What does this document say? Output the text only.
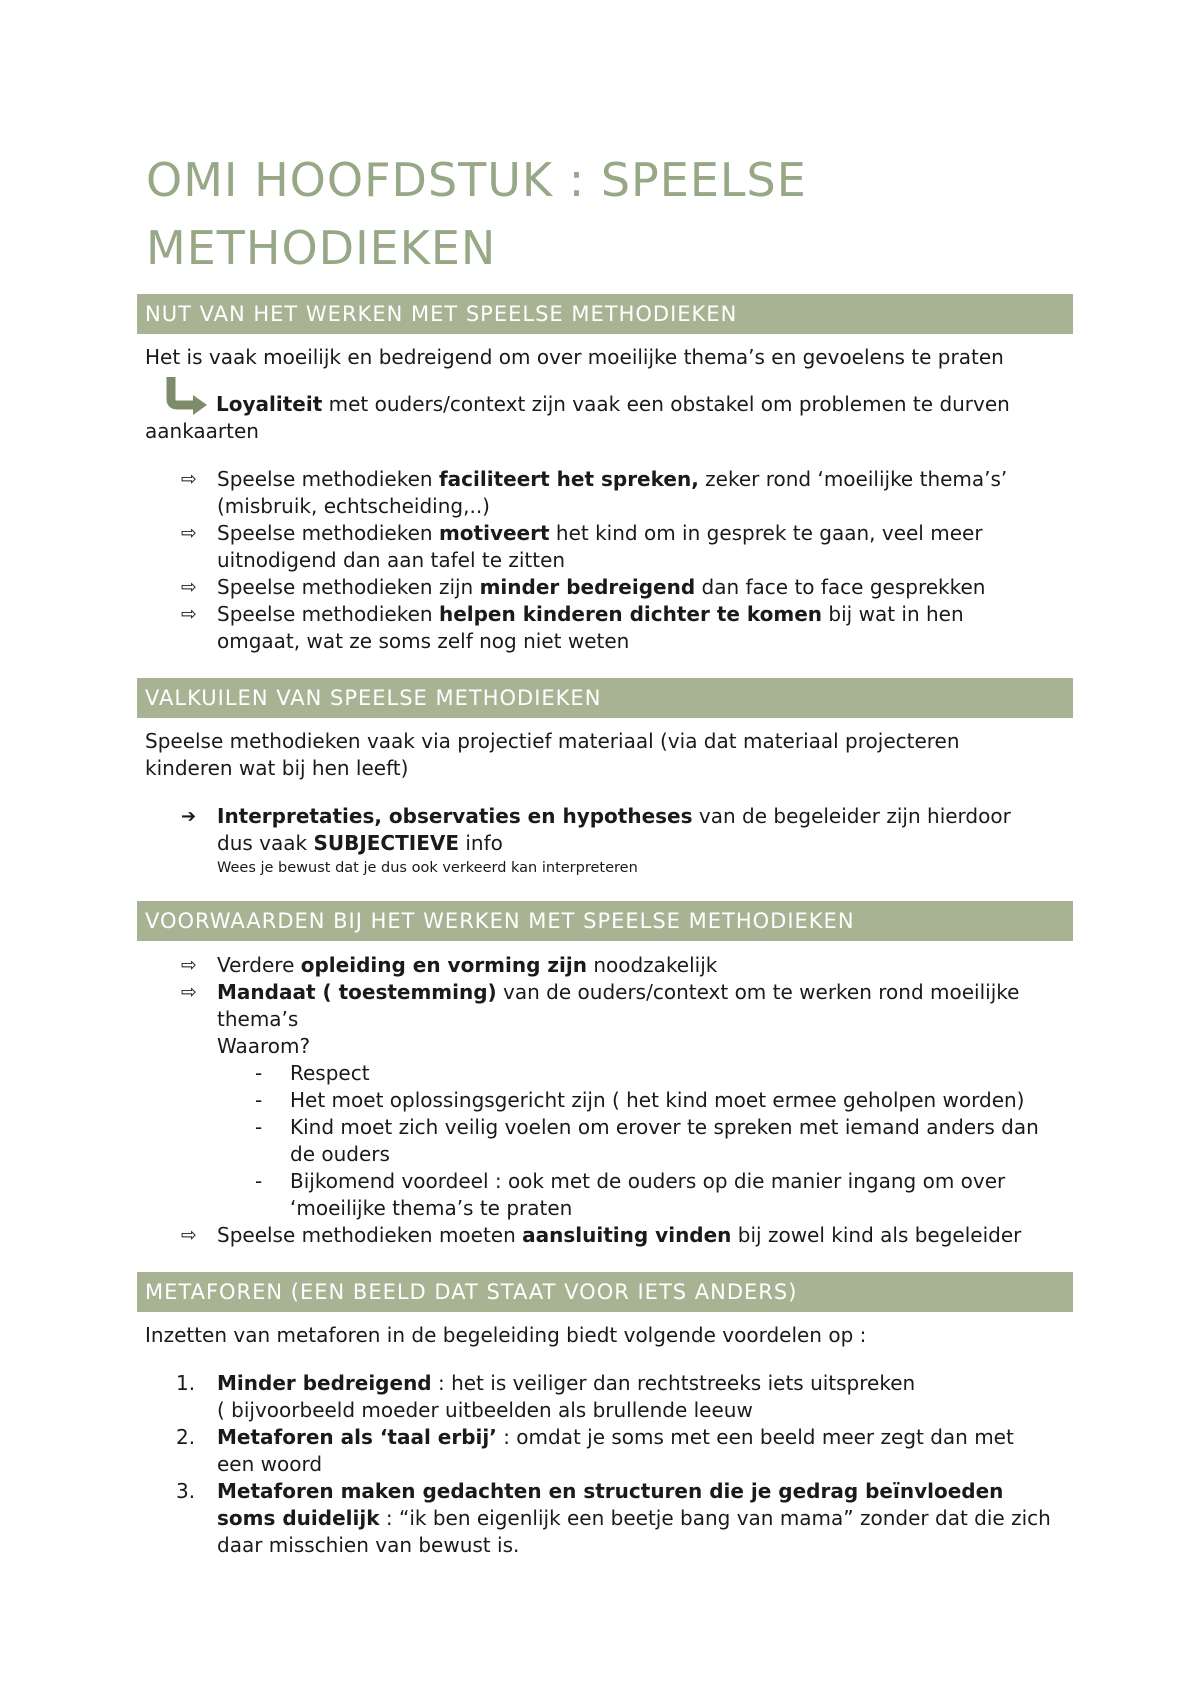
OMI HOOFDSTUK : SPEELSE METHODIEKEN
NUT VAN HET WERKEN MET SPEELSE METHODIEKEN

Het is vaak moeilijk en bedreigend om over moeilijke thema’s en gevoelens te praten

Loyaliteit met ouders/context zijn vaak een obstakel om problemen te durven

aankaarten

⇨ Speelse methodieken faciliteert het spreken, zeker rond ‘moeilijke thema’s’

(misbruik, echtscheiding,..)

⇨ Speelse methodieken motiveert het kind om in gesprek te gaan, veel meer

uitnodigend dan aan tafel te zitten

⇨ Speelse methodieken zijn minder bedreigend dan face to face gesprekken

⇨ Speelse methodieken helpen kinderen dichter te komen bij wat in hen

omgaat, wat ze soms zelf nog niet weten

VALKUILEN VAN SPEELSE METHODIEKEN

Speelse methodieken vaak via projectief materiaal (via dat materiaal projecteren

kinderen wat bij hen leeft)

➔ Interpretaties, observaties en hypotheses van de begeleider zijn hierdoor

dus vaak SUBJECTIEVE info

Wees je bewust dat je dus ook verkeerd kan interpreteren

VOORWAARDEN BIJ HET WERKEN MET SPEELSE METHODIEKEN
⇨ Verdere opleiding en vorming zijn noodzakelijk

⇨ Mandaat ( toestemming) van de ouders/context om te werken rond moeilijke

thema’s

Waarom?

- Respect

- Het moet oplossingsgericht zijn ( het kind moet ermee geholpen worden)

- Kind moet zich veilig voelen om erover te spreken met iemand anders dan

de ouders

- Bijkomend voordeel : ook met de ouders op die manier ingang om over

‘moeilijke thema’s te praten

⇨ Speelse methodieken moeten aansluiting vinden bij zowel kind als begeleider

METAFOREN (EEN BEELD DAT STAAT VOOR IETS ANDERS)

Inzetten van metaforen in de begeleiding biedt volgende voordelen op :

1. Minder bedreigend : het is veiliger dan rechtstreeks iets uitspreken

( bijvoorbeeld moeder uitbeelden als brullende leeuw

2. Metaforen als ‘taal erbij’ : omdat je soms met een beeld meer zegt dan met

een woord

3. Metaforen maken gedachten en structuren die je gedrag beïnvloeden

soms duidelijk : “ik ben eigenlijk een beetje bang van mama” zonder dat die zich

daar misschien van bewust is.
